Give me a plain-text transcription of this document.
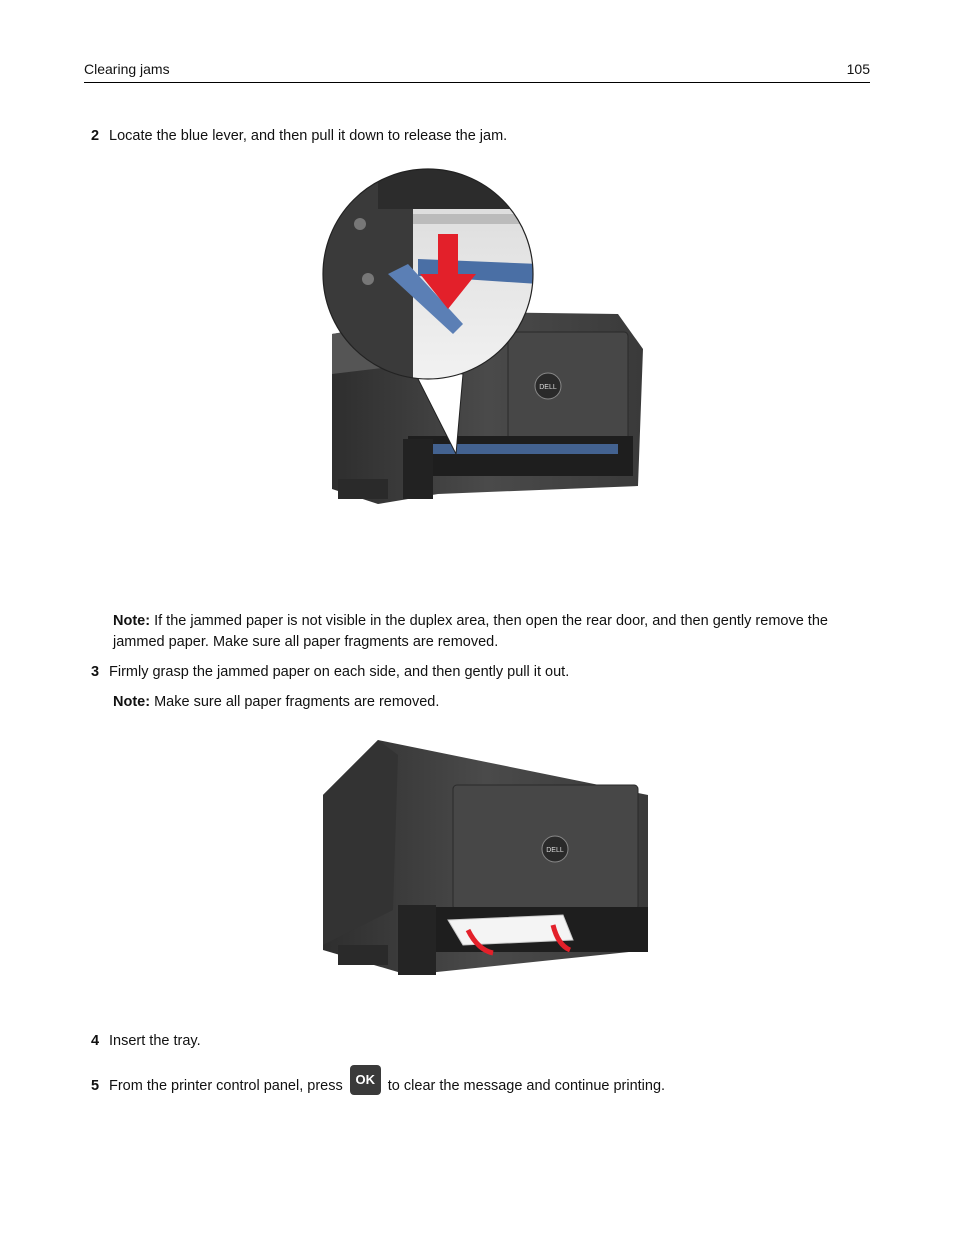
Clearing jams	105
2 Locate the blue lever, and then pull it down to release the jam.
DELL
Note: If the jammed paper is not visible in the duplex area, then open the rear door, and then gently remove the jammed paper. Make sure all paper fragments are removed.
3 Firmly grasp the jammed paper on each side, and then gently pull it out.
Note: Make sure all paper fragments are removed.
DELL
4 Insert the tray.
5 From the printer control panel, press OK to clear the message and continue printing.
